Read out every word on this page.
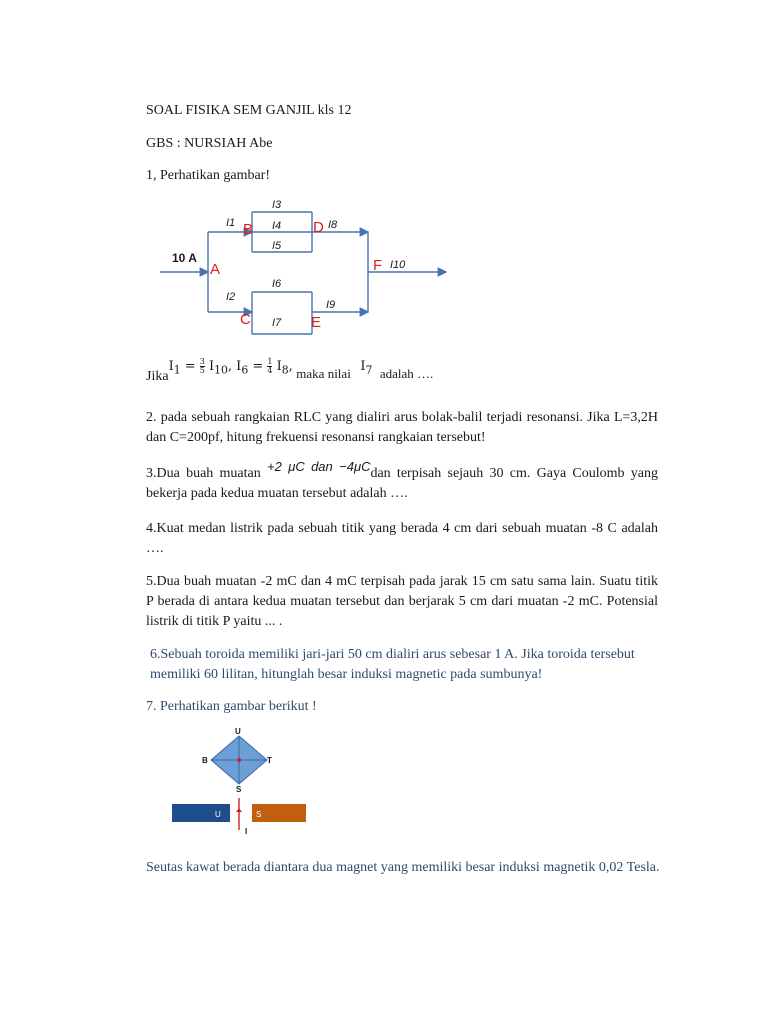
SOAL FISIKA SEM GANJIL kls 12
GBS : NURSIAH Abe
1, Perhatikan gambar!
10 A
A
B
C
D
E
F
I1
I2
I3
I4
I5
I6
I7
I8
I9
I10
JikaI$_1$ = $\frac{3}{5} I_{10}$, $I_6 = \frac{1}{4} I_8$, maka nilai $I_7$ adalah ….
2. pada sebuah rangkaian RLC yang dialiri arus bolak-balil terjadi resonansi. Jika L=3,2H dan C=200pf, hitung frekuensi resonansi rangkaian tersebut!
3.Dua buah muatan +2 μC dan −4μCdan terpisah sejauh 30 cm. Gaya Coulomb yang bekerja pada kedua muatan tersebut adalah ….
4.Kuat medan listrik pada sebuah titik yang berada 4 cm dari sebuah muatan -8 C adalah ….
5.Dua buah muatan -2 mC dan 4 mC terpisah pada jarak 15 cm satu sama lain. Suatu titik P berada di antara kedua muatan tersebut dan berjarak 5 cm dari muatan -2 mC. Potensial listrik di titik P yaitu ... .
6.Sebuah toroida memiliki jari-jari 50 cm dialiri arus sebesar 1 A. Jika toroida tersebut memiliki 60 lilitan, hitunglah besar induksi magnetic pada sumbunya!
7. Perhatikan gambar berikut !
U
S
B	T
U	S
I
Seutas kawat berada diantara dua magnet yang memiliki besar induksi magnetik 0,02 Tesla.
